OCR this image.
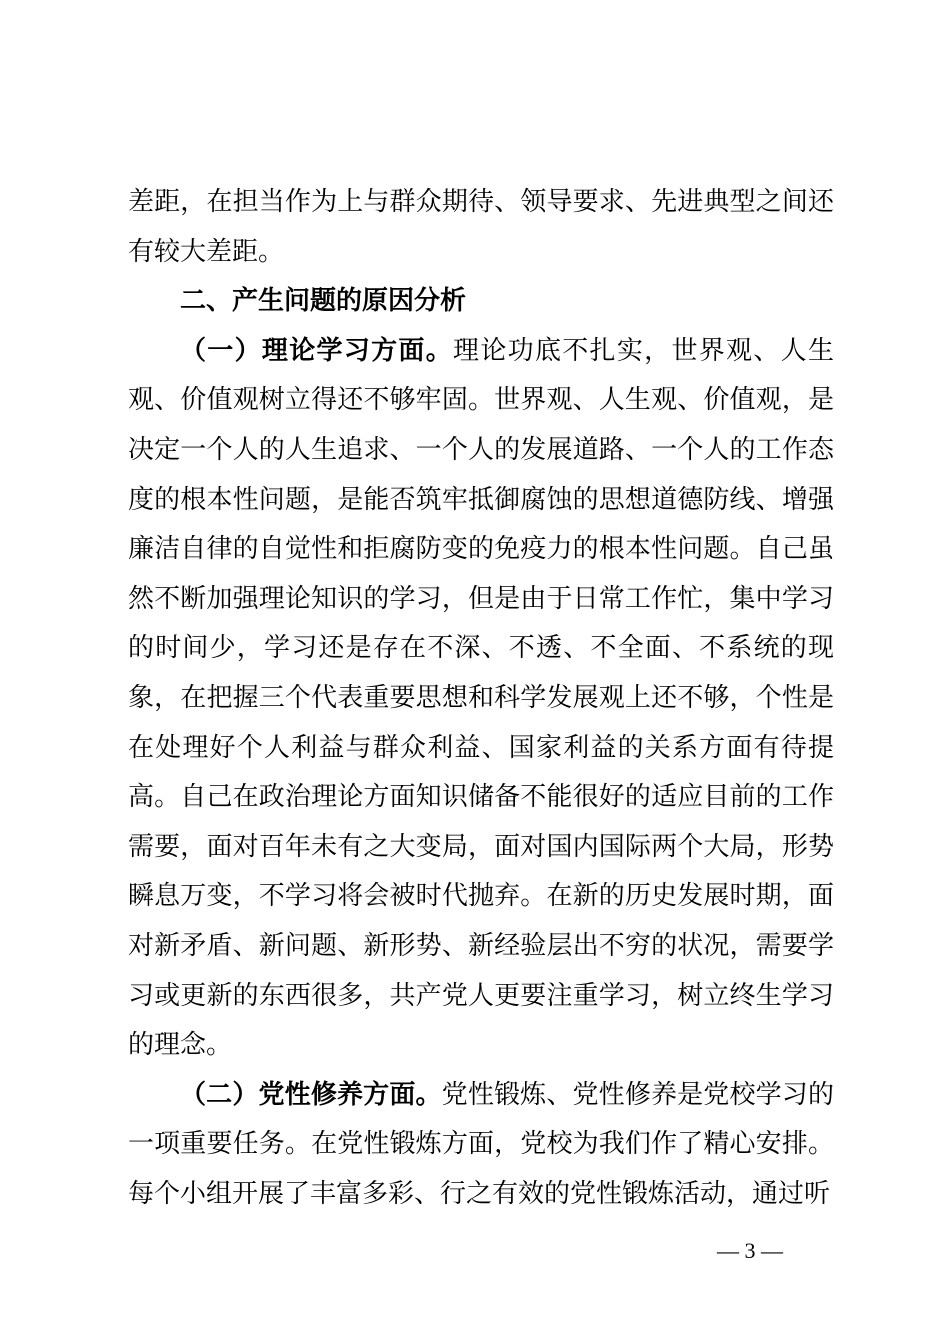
差距，在担当作为上与群众期待、领导要求、先进典型之间还有较大差距。

二、产生问题的原因分析

（一）理论学习方面。理论功底不扎实，世界观、人生观、价值观树立得还不够牢固。世界观、人生观、价值观，是决定一个人的人生追求、一个人的发展道路、一个人的工作态度的根本性问题，是能否筑牢抵御腐蚀的思想道德防线、增强廉洁自律的自觉性和拒腐防变的免疫力的根本性问题。自己虽然不断加强理论知识的学习，但是由于日常工作忙，集中学习的时间少，学习还是存在不深、不透、不全面、不系统的现象，在把握三个代表重要思想和科学发展观上还不够，个性是在处理好个人利益与群众利益、国家利益的关系方面有待提高。自己在政治理论方面知识储备不能很好的适应目前的工作需要，面对百年未有之大变局，面对国内国际两个大局，形势瞬息万变，不学习将会被时代抛弃。在新的历史发展时期，面对新矛盾、新问题、新形势、新经验层出不穷的状况，需要学习或更新的东西很多，共产党人更要注重学习，树立终生学习的理念。

（二）党性修养方面。党性锻炼、党性修养是党校学习的一项重要任务。在党性锻炼方面，党校为我们作了精心安排。每个小组开展了丰富多彩、行之有效的党性锻炼活动，通过听

— 3 —
